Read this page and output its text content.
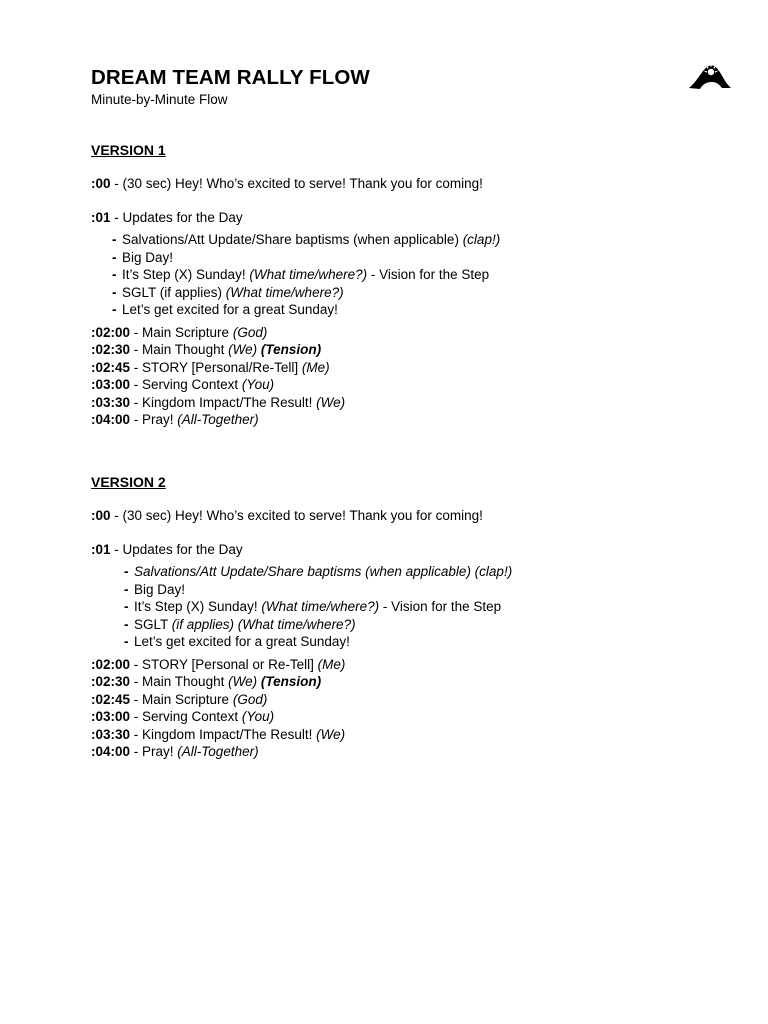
DREAM TEAM RALLY FLOW
Minute-by-Minute Flow
VERSION 1
:00 - (30 sec) Hey! Who’s excited to serve! Thank you for coming!
:01 - Updates for the Day
- Salvations/Att Update/Share baptisms (when applicable) (clap!)
- Big Day!
- It’s Step (X) Sunday! (What time/where?) - Vision for the Step
- SGLT (if applies) (What time/where?)
- Let’s get excited for a great Sunday!
:02:00 - Main Scripture (God)
:02:30 - Main Thought (We) (Tension)
:02:45 - STORY [Personal/Re-Tell] (Me)
:03:00 - Serving Context (You)
:03:30 - Kingdom Impact/The Result! (We)
:04:00 - Pray! (All-Together)
VERSION 2
:00 - (30 sec) Hey! Who’s excited to serve! Thank you for coming!
:01 - Updates for the Day
- Salvations/Att Update/Share baptisms (when applicable) (clap!)
- Big Day!
- It’s Step (X) Sunday! (What time/where?) - Vision for the Step
- SGLT (if applies) (What time/where?)
- Let’s get excited for a great Sunday!
:02:00 - STORY [Personal or Re-Tell] (Me)
:02:30 - Main Thought (We) (Tension)
:02:45 - Main Scripture (God)
:03:00 - Serving Context (You)
:03:30 - Kingdom Impact/The Result! (We)
:04:00 - Pray! (All-Together)
